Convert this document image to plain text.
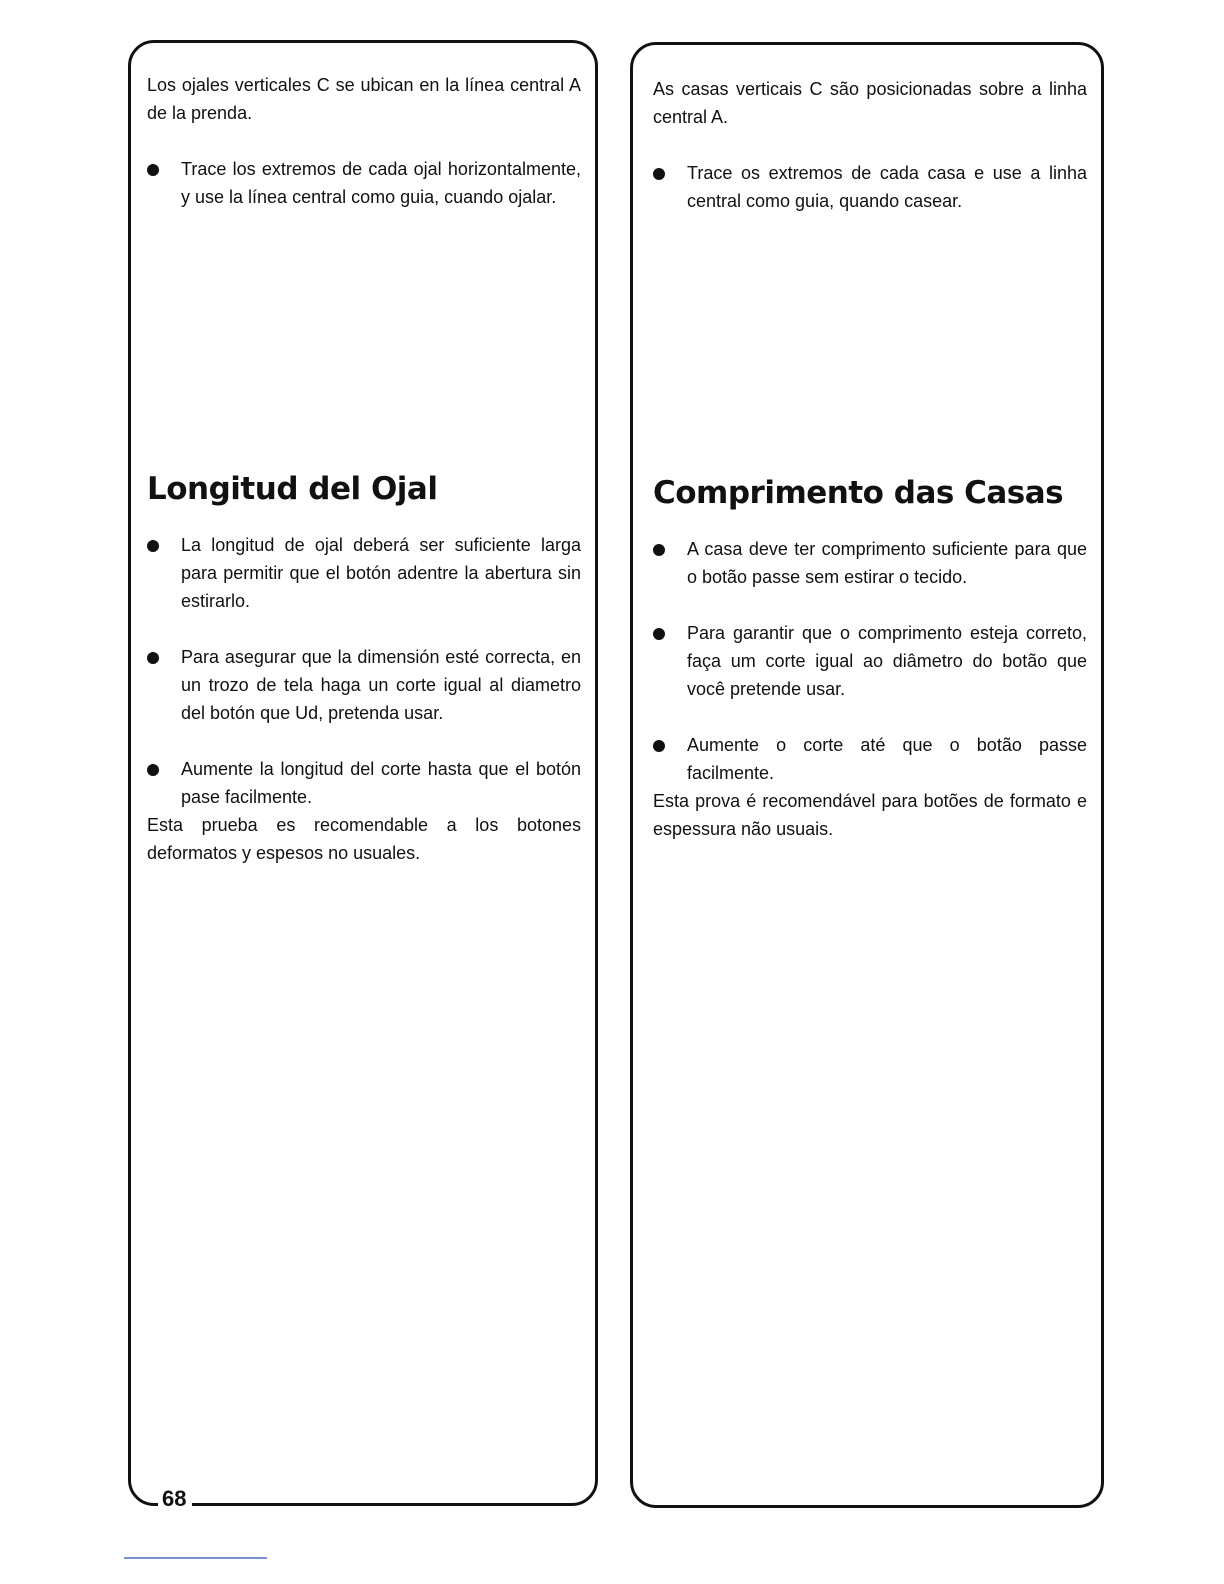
Los ojales verticales C se ubican en la línea central A de la prenda.

Trace los extremos de cada ojal horizontalmente, y use la línea central como guia, cuando ojalar.
Longitud del Ojal
La longitud de ojal deberá ser suficiente larga para permitir que el botón adentre la abertura sin estirarlo.
Para asegurar que la dimensión esté correcta, en un trozo de tela haga un corte igual al diametro del botón que Ud, pretenda usar.
Aumente la longitud del corte hasta que el botón pase facilmente.

Esta prueba es recomendable a los botones deformatos y espesos no usuales.

As casas verticais C são posicionadas sobre a linha central A.

Trace os extremos de cada casa e use a linha central como guia, quando casear.
Comprimento das Casas
A casa deve ter comprimento suficiente para que o botão passe sem estirar o tecido.
Para garantir que o comprimento esteja correto, faça um corte igual ao diâmetro do botão que você pretende usar.
Aumente o corte até que o botão passe facilmente.

Esta prova é recomendável para botões de formato e espessura não usuais.

68
